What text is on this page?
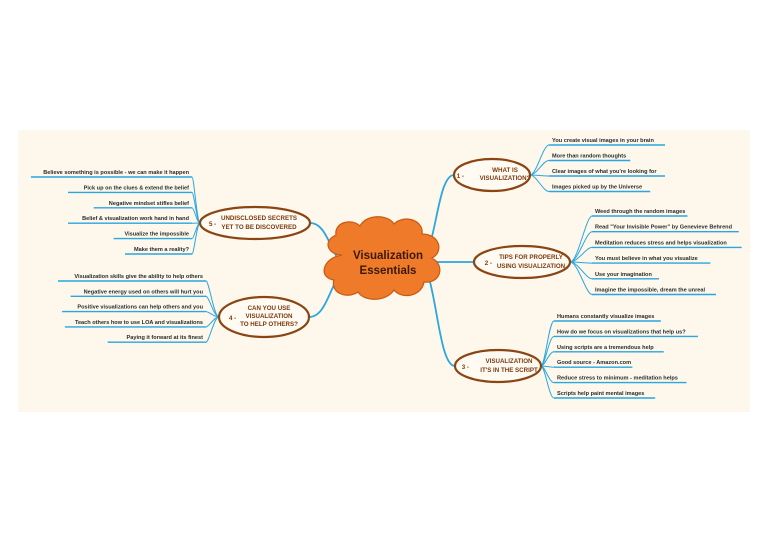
You create visual images in your brain
More than random thoughts
Clear images of what you're looking for
Images picked up by the Universe
Weed through the random images
Read "Your Invisible Power" by Genevieve Behrend
Meditation reduces stress and helps visualization
You must believe in what you visualize
Use your imagination
Imagine the impossible, dream the unreal
Humans constantly visualize images
How do we focus on visualizations that help us?
Using scripts are a tremendous help
Good source - Amazon.com
Reduce stress to minimum - meditation helps
Scripts help paint mental images
Believe something is possible - we can make it happen
Pick up on the clues & extend the belief
Negative mindset stifles belief
Belief & visualization work hand in hand
Visualize the impossible
Make them a reality?
Visualization skills give the ability to help others
Negative energy used on others will hurt you
Positive visualizations can help others and you
Teach others how to use LOA and visualizations
Paying it forward at its finest
1 -
WHAT IS
VISUALIZATION?
2 -
TIPS FOR PROPERLY
USING VISUALIZATION
3 -
VISUALIZATION
IT'S IN THE SCRIPT
5 -
UNDISCLOSED SECRETS
YET TO BE DISCOVERED
4 -
CAN YOU USE
VISUALIZATION
TO HELP OTHERS?
Visualization
Essentials
